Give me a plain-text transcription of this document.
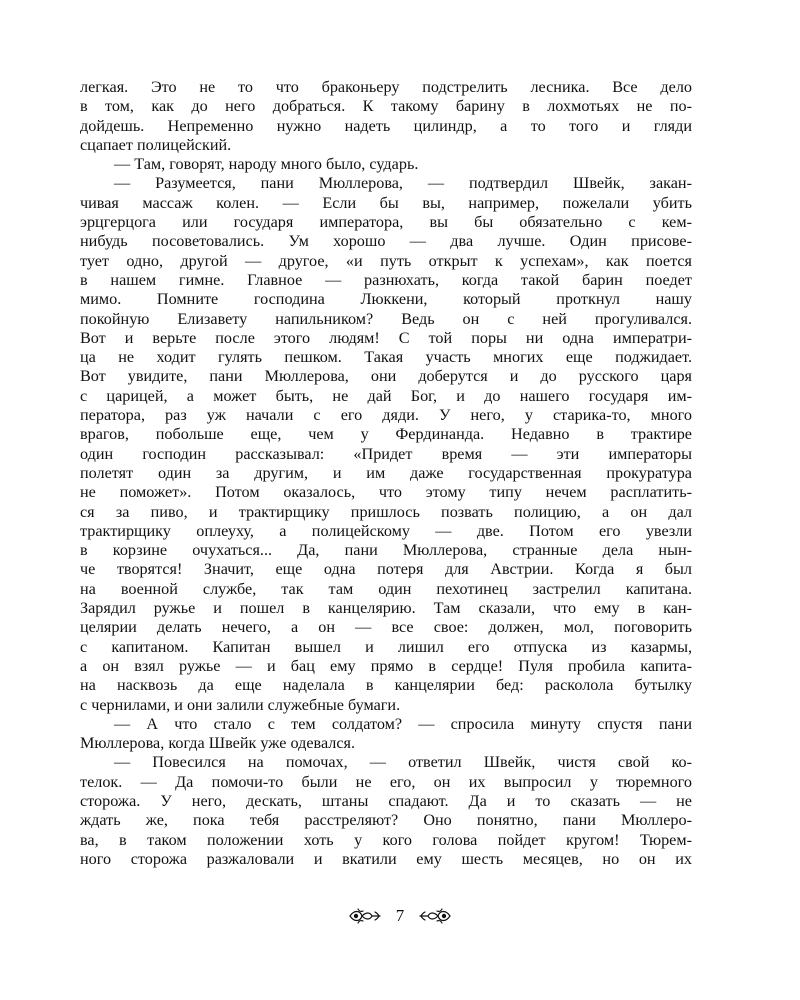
легкая. Это не то что браконьеру подстрелить лесника. Все дело
в том, как до него добраться. К такому барину в лохмотьях не по-
дойдешь. Непременно нужно надеть цилиндр, а то того и гляди
сцапает полицейский.
— Там, говорят, народу много было, сударь.
— Разумеется, пани Мюллерова, — подтвердил Швейк, закан-
чивая массаж колен. — Если бы вы, например, пожелали убить
эрцгерцога или государя императора, вы бы обязательно с кем-
нибудь посоветовались. Ум хорошо — два лучше. Один присове-
тует одно, другой — другое, «и путь открыт к успехам», как поется
в нашем гимне. Главное — разнюхать, когда такой барин поедет
мимо. Помните господина Люккени, который проткнул нашу
покойную Елизавету напильником? Ведь он с ней прогуливался.
Вот и верьте после этого людям! С той поры ни одна императри-
ца не ходит гулять пешком. Такая участь многих еще поджидает.
Вот увидите, пани Мюллерова, они доберутся и до русского царя
с царицей, а может быть, не дай Бог, и до нашего государя им-
ператора, раз уж начали с его дяди. У него, у старика-то, много
врагов, побольше еще, чем у Фердинанда. Недавно в трактире
один господин рассказывал: «Придет время — эти императоры
полетят один за другим, и им даже государственная прокуратура
не поможет». Потом оказалось, что этому типу нечем расплатить-
ся за пиво, и трактирщику пришлось позвать полицию, а он дал
трактирщику оплеуху, а полицейскому — две. Потом его увезли
в корзине очухаться... Да, пани Мюллерова, странные дела нын-
че творятся! Значит, еще одна потеря для Австрии. Когда я был
на военной службе, так там один пехотинец застрелил капитана.
Зарядил ружье и пошел в канцелярию. Там сказали, что ему в кан-
целярии делать нечего, а он — все свое: должен, мол, поговорить
с капитаном. Капитан вышел и лишил его отпуска из казармы,
а он взял ружье — и бац ему прямо в сердце! Пуля пробила капита-
на насквозь да еще наделала в канцелярии бед: расколола бутылку
с чернилами, и они залили служебные бумаги.
— А что стало с тем солдатом? — спросила минуту спустя пани
Мюллерова, когда Швейк уже одевался.
— Повесился на помочах, — ответил Швейк, чистя свой ко-
телок. — Да помочи-то были не его, он их выпросил у тюремного
сторожа. У него, дескать, штаны спадают. Да и то сказать — не
ждать же, пока тебя расстреляют? Оно понятно, пани Мюллеро-
ва, в таком положении хоть у кого голова пойдет кругом! Тюрем-
ного сторожа разжаловали и вкатили ему шесть месяцев, но он их
7
